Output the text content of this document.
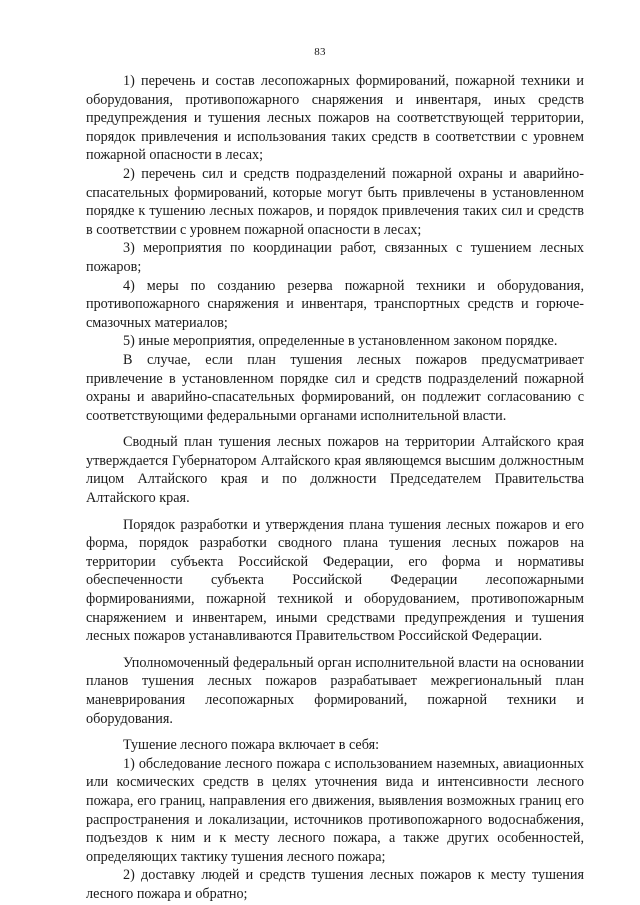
83

1) перечень и состав лесопожарных формирований, пожарной техники и оборудования, противопожарного снаряжения и инвентаря, иных средств предупреждения и тушения лесных пожаров на соответствующей территории, порядок привлечения и использования таких средств в соответствии с уровнем пожарной опасности в лесах;

2) перечень сил и средств подразделений пожарной охраны и аварийно-спасательных формирований, которые могут быть привлечены в установленном порядке к тушению лесных пожаров, и порядок привлечения таких сил и средств в соответствии с уровнем пожарной опасности в лесах;

3) мероприятия по координации работ, связанных с тушением лесных пожаров;

4) меры по созданию резерва пожарной техники и оборудования, противопожарного снаряжения и инвентаря, транспортных средств и горюче-смазочных материалов;

5) иные мероприятия, определенные в установленном законом порядке.

В случае, если план тушения лесных пожаров предусматривает привлечение в установленном порядке сил и средств подразделений пожарной охраны и аварийно-спасательных формирований, он подлежит согласованию с соответствующими федеральными органами исполнительной власти.

Сводный план тушения лесных пожаров на территории Алтайского края утверждается Губернатором Алтайского края являющемся высшим должностным лицом Алтайского края и по должности Председателем Правительства Алтайского края.

Порядок разработки и утверждения плана тушения лесных пожаров и его форма, порядок разработки сводного плана тушения лесных пожаров на территории субъекта Российской Федерации, его форма и нормативы обеспеченности субъекта Российской Федерации лесопожарными формированиями, пожарной техникой и оборудованием, противопожарным снаряжением и инвентарем, иными средствами предупреждения и тушения лесных пожаров устанавливаются Правительством Российской Федерации.

Уполномоченный федеральный орган исполнительной власти на основании планов тушения лесных пожаров разрабатывает межрегиональный план маневрирования лесопожарных формирований, пожарной техники и оборудования.

Тушение лесного пожара включает в себя:

1) обследование лесного пожара с использованием наземных, авиационных или космических средств в целях уточнения вида и интенсивности лесного пожара, его границ, направления его движения, выявления возможных границ его распространения и локализации, источников противопожарного водоснабжения, подъездов к ним и к месту лесного пожара, а также других особенностей, определяющих тактику тушения лесного пожара;

2) доставку людей и средств тушения лесных пожаров к месту тушения лесного пожара и обратно;
